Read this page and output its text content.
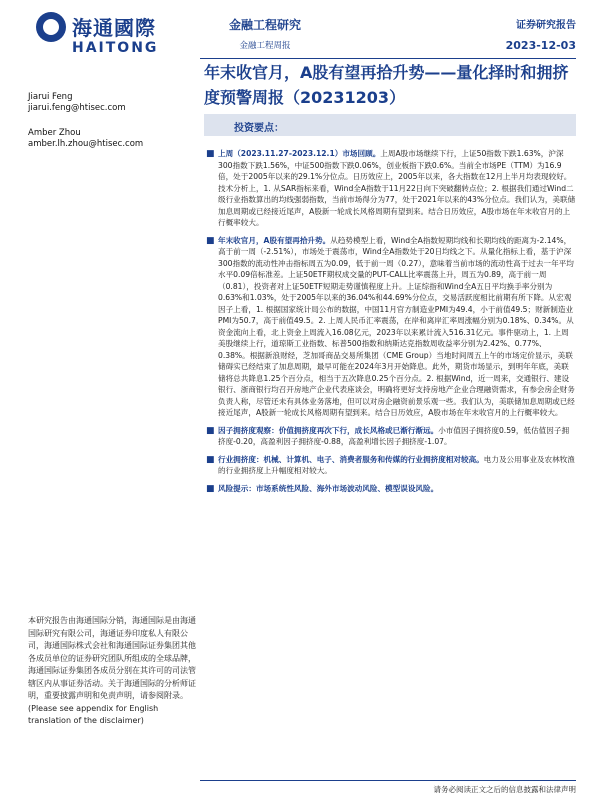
海通國際
HAITONG
金融工程研究
金融工程周报
证券研究报告
2023-12-03
年末收官月，A股有望再拾升势——量化择时和拥挤度预警周报（20231203）
Jiarui Feng
jiarui.feng@htisec.com
Amber Zhou
amber.lh.zhou@htisec.com
投资要点：
■ 上周（2023.11.27-2023.12.1）市场回顾。上周A股市场继续下行，上证50指数下跌1.63%，沪深300指数下跌1.56%，中证500指数下跌0.06%，创业板指下跌0.6%。当前全市场PE（TTM）为16.9倍，处于2005年以来的29.1%分位点。日历效应上，2005年以来，各大指数在12月上半月均表现较好。技术分析上，1. 从SAR指标来看，Wind全A指数于11月22日向下突破翻转点位；2. 根据我们通过Wind二级行业指数算出的均线强弱指数，当前市场得分为77，处于2021年以来的43%分位点。我们认为，美联储加息周期或已经接近尾声，A股新一轮成长风格周期有望到来。结合日历效应，A股市场在年末收官月的上行概率较大。
■ 年末收官月，A股有望再拾升势。从趋势模型上看，Wind全A指数短期均线和长期均线的距离为-2.14%，高于前一周（-2.51%），市场处于震荡市，Wind全A指数处于20日均线之下。从量化指标上看，基于沪深300指数的流动性冲击指标周五为0.09，低于前一周（0.27），意味着当前市场的流动性高于过去一年平均水平0.09倍标准差。上证50ETF期权成交量的PUT-CALL比率震荡上升，周五为0.89，高于前一周（0.81），投资者对上证50ETF短期走势谨慎程度上升。上证综指和Wind全A五日平均换手率分别为0.63%和1.03%，处于2005年以来的36.04%和44.69%分位点，交易活跃度相比前期有所下降。从宏观因子上看，1. 根据国家统计局公布的数据，中国11月官方制造业PMI为49.4，小于前值49.5；财新制造业PMI为50.7，高于前值49.5。2. 上周人民币汇率震荡，在岸和离岸汇率周涨幅分别为0.18%、0.34%。从资金流向上看，北上资金上周流入16.08亿元，2023年以来累计流入516.31亿元。事件驱动上，1. 上周美股继续上行，道琼斯工业指数、标普500指数和纳斯达克指数周收益率分别为2.42%、0.77%、0.38%。根据新浪财经，芝加哥商品交易所集团（CME Group）当地时间周五上午的市场定价显示，美联储碍实已经结束了加息周期，最早可能在2024年3月开始降息。此外，期货市场显示，到明年年底，美联储将总共降息1.25个百分点，相当于五次降息0.25个百分点。2. 根据Wind，近一周来，交通银行、建设银行、浙商银行均召开房地产企业代表座谈会，明确将更好支持房地产企业合理融资需求，有参会房企财务负责人称，尽管还未有具体业务落地，但可以对房企融资前景乐观一些。我们认为，美联储加息周期或已经接近尾声，A股新一轮成长风格周期有望到来。结合日历效应，A股市场在年末收官月的上行概率较大。
■ 因子拥挤度观察：价值拥挤度再次下行，成长风格或已渐行渐远。小市值因子拥挤度0.59，低估值因子拥挤度-0.20，高盈利因子拥挤度-0.88，高盈利增长因子拥挤度-1.07。
■ 行业拥挤度：机械、计算机、电子、消费者服务和传媒的行业拥挤度相对较高。电力及公用事业及农林牧渔的行业拥挤度上升幅度相对较大。
■ 风险提示：市场系统性风险、海外市场波动风险、模型误设风险。
本研究报告由海通国际分销，海通国际是由海通国际研究有限公司，海通证券印度私人有限公司，海通国际株式会社和海通国际证券集团其他各成员单位的证券研究团队所组成的全球品牌，海通国际证券集团各成员分别在其许可的司法管辖区内从事证券活动。关于海通国际的分析师证明，重要披露声明和免责声明，请参阅附录。(Please see appendix for English translation of the disclaimer)
请务必阅读正文之后的信息披露和法律声明
